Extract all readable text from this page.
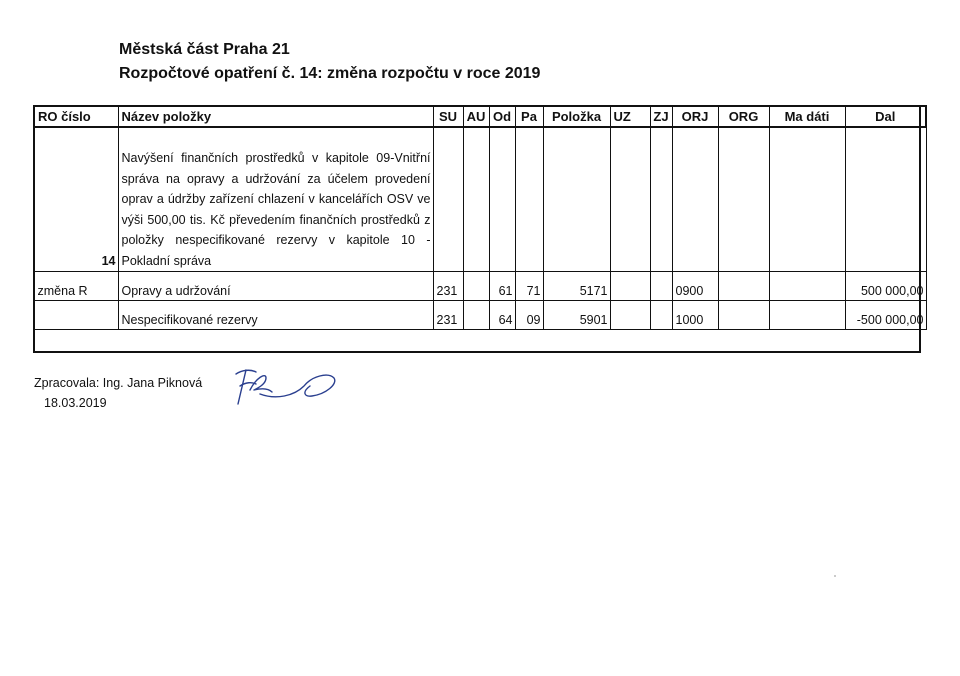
Městská část Praha 21
Rozpočtové opatření č. 14: změna rozpočtu v roce 2019
RO číslo	Název položky	SU	AU	Od	Pa	Položka	UZ	ZJ	ORJ	ORG	Ma dáti	Dal
14	Navýšení finančních prostředků v kapitole 09-Vnitřní správa na opravy a udržování za účelem provedení oprav a údržby zařízení chlazení v kancelářích OSV ve výši 500,00 tis. Kč převedením finančních prostředků z položky nespecifikované rezervy v kapitole 10 - Pokladní správa											
změna R	Opravy a udržování	231		61	71	5171			0900			500 000,00
	Nespecifikované rezervy	231		64	09	5901			1000			-500 000,00
Zpracovala: Ing. Jana Piknová
18.03.2019
